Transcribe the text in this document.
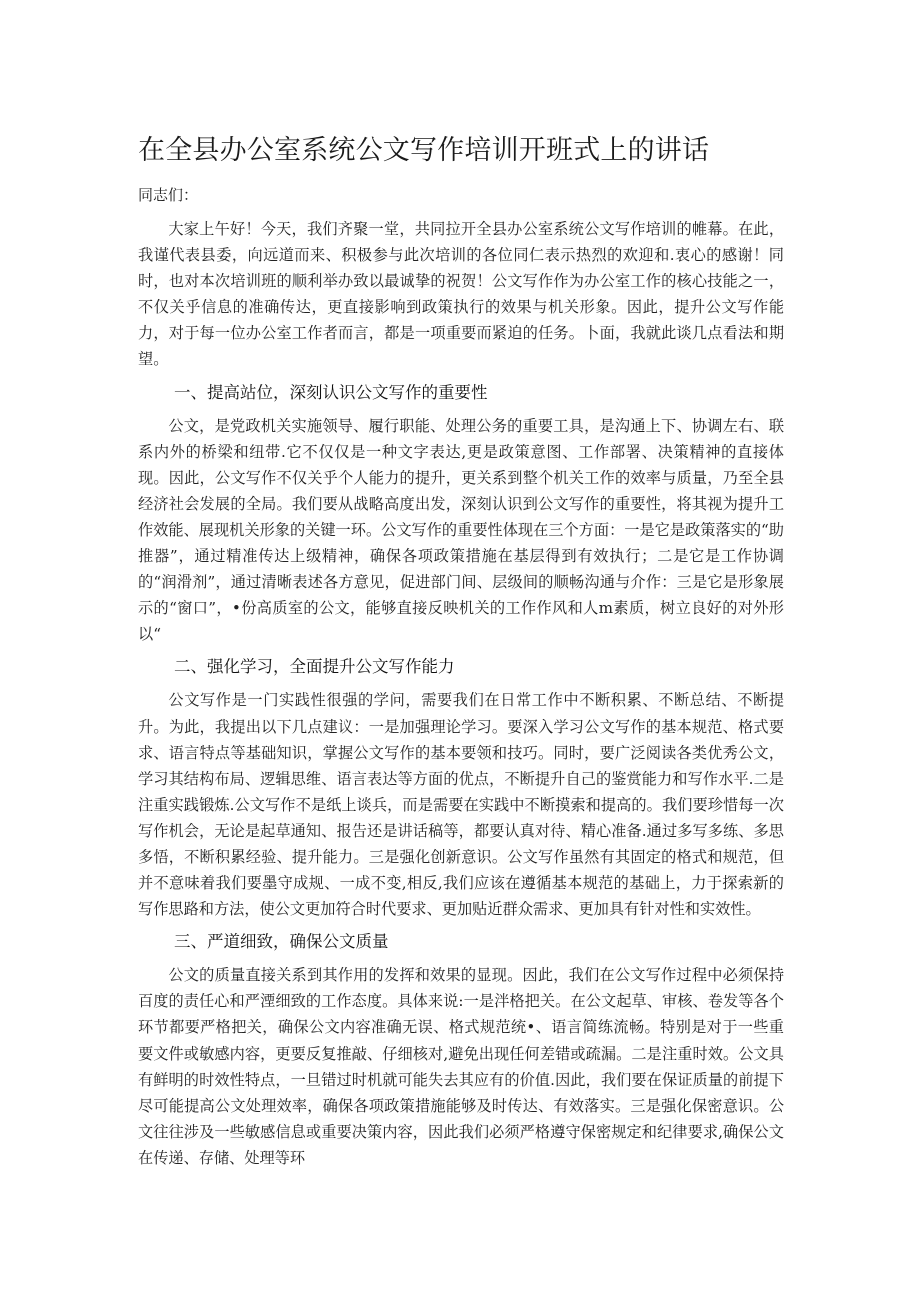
在全县办公室系统公文写作培训开班式上的讲话

同志们：

大家上午好！今天，我们齐聚一堂，共同拉开全县办公室系统公文写作培训的帷幕。在此，我谨代表县委，向远道而来、积极参与此次培训的各位同仁表示热烈的欢迎和.衷心的感谢！同时，也对本次培训班的顺利举办致以最诚挚的祝贺！公文写作作为办公室工作的核心技能之一，不仅关乎信息的准确传达，更直接影响到政策执行的效果与机关形象。因此，提升公文写作能力，对于每一位办公室工作者而言，都是一项重要而紧迫的任务。卜面，我就此谈几点看法和期望。

一、提高站位，深刻认识公文写作的重要性

公文，是党政机关实施领导、履行职能、处理公务的重要工具，是沟通上下、协调左右、联系内外的桥梁和纽带.它不仅仅是一种文字表达,更是政策意图、工作部署、决策精神的直接体现。因此，公文写作不仅关乎个人能力的提升，更关系到整个机关工作的效率与质量，乃至全县经济社会发展的全局。我们要从战略高度出发，深刻认识到公文写作的重要性，将其视为提升工作效能、展现机关形象的关键一环。公文写作的重要性体现在三个方面：一是它是政策落实的“助推器”，通过精准传达上级精神，确保各项政策措施在基层得到有效执行；二是它是工作协调的“润滑剂”，通过清晰表述各方意见，促进部门间、层级间的顺畅沟通与介作：三是它是形象展示的“窗口”，•份高质室的公文，能够直接反映机关的工作作风和人m素质，树立良好的对外形以“

二、强化学习，全面提升公文写作能力

公文写作是一门实践性很强的学问，需要我们在日常工作中不断积累、不断总结、不断提升。为此，我提出以下几点建议：一是加强理论学习。要深入学习公文写作的基本规范、格式要求、语言特点等基础知识，掌握公文写作的基本要领和技巧。同时，要广泛阅读各类优秀公文，学习其结构布局、逻辑思维、语言表达等方面的优点，不断提升自己的鉴赏能力和写作水平.二是注重实践锻炼.公文写作不是纸上谈兵，而是需要在实践中不断摸索和提高的。我们要珍惜每一次写作机会，无论是起草通知、报告还是讲话稿等，都要认真对待、精心准备.通过多写多练、多思多悟，不断积累经验、提升能力。三是强化创新意识。公文写作虽然有其固定的格式和规范，但并不意味着我们要墨守成规、一成不变,相反,我们应该在遵循基本规范的基础上，力于探索新的写作思路和方法，使公文更加符合时代要求、更加贴近群众需求、更加具有针对性和实效性。

三、严道细致，确保公文质量

公文的质量直接关系到其作用的发挥和效果的显现。因此，我们在公文写作过程中必须保持百度的责任心和严湮细致的工作态度。具体来说:一是泮格把关。在公文起草、审核、卷发等各个环节都要严格把关，确保公文内容准确无误、格式规范统•、语言简练流畅。特别是对于一些重要文件或敏感内容，更要反复推敲、仔细核对,避免出现任何差错或疏漏。二是注重时效。公文具有鲜明的时效性特点，一旦错过时机就可能失去其应有的价值.因此，我们要在保证质量的前提下尽可能提高公文处理效率，确保各项政策措施能够及时传达、有效落实。三是强化保密意识。公文往往涉及一些敏感信息或重要决策内容，因此我们必须严格遵守保密规定和纪律要求,确保公文在传递、存储、处理等环
